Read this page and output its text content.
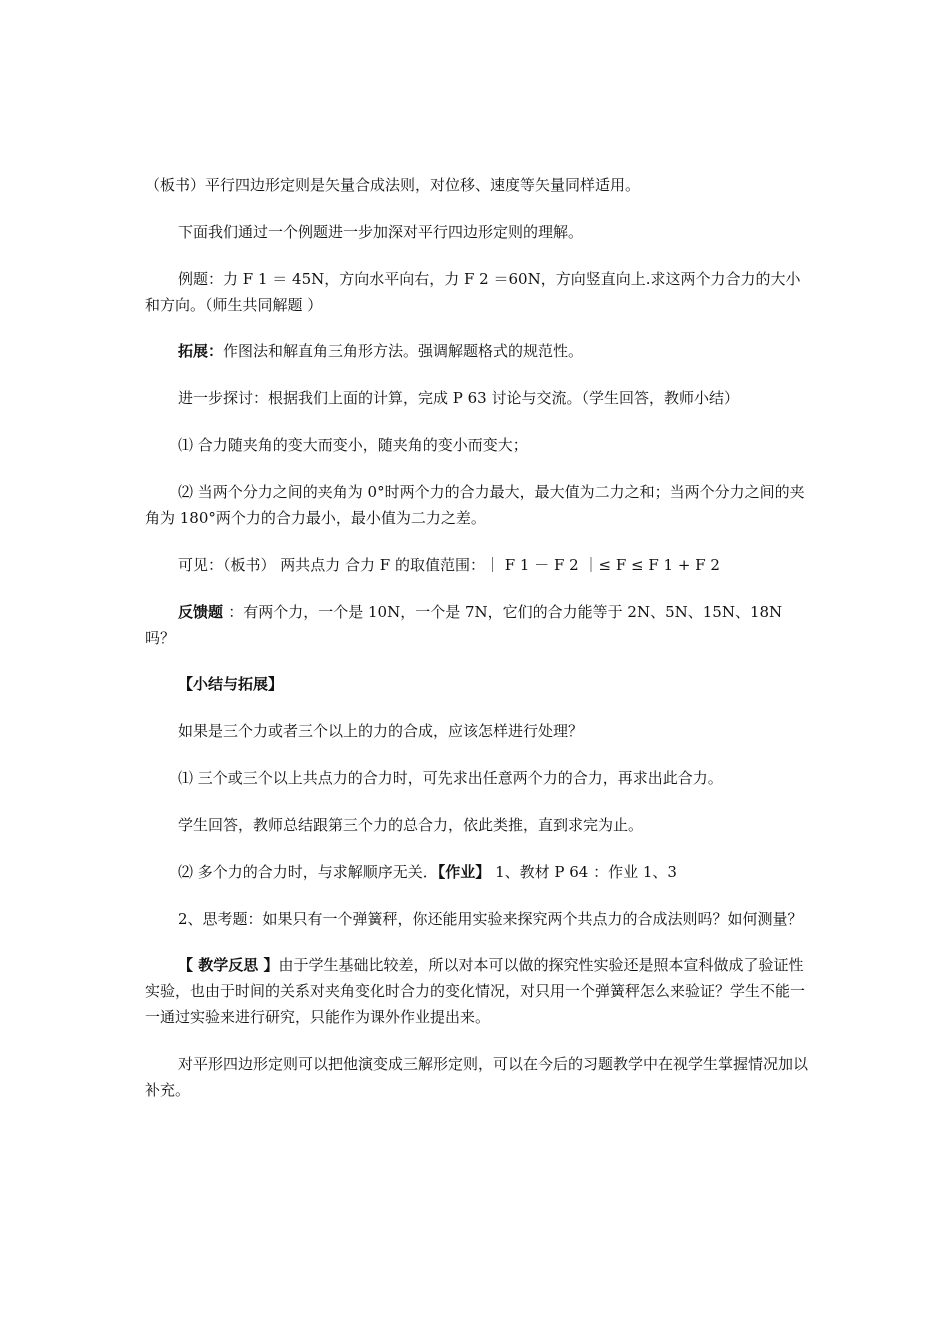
（板书）平行四边形定则是矢量合成法则，对位移、速度等矢量同样适用。

下面我们通过一个例题进一步加深对平行四边形定则的理解。

例题：力 F 1 ＝ 45N，方向水平向右，力 F 2 ＝60N，方向竖直向上.求这两个力合力的大小和方向。（师生共同解题 ）

拓展：作图法和解直角三角形方法。强调解题格式的规范性。

进一步探讨：根据我们上面的计算，完成 P 63 讨论与交流。（学生回答，教师小结）

⑴ 合力随夹角的变大而变小，随夹角的变小而变大；

⑵ 当两个分力之间的夹角为 0°时两个力的合力最大，最大值为二力之和；当两个分力之间的夹角为 180°两个力的合力最小，最小值为二力之差。

可见：（板书） 两共点力 合力 F 的取值范围：｜ F 1 － F 2 ｜≤ F ≤ F 1 + F 2

反馈题 ：有两个力，一个是 10N，一个是 7N，它们的合力能等于 2N、5N、15N、18N 吗？

【小结与拓展】

如果是三个力或者三个以上的力的合成，应该怎样进行处理？

⑴ 三个或三个以上共点力的合力时，可先求出任意两个力的合力，再求出此合力。

学生回答，教师总结跟第三个力的总合力，依此类推，直到求完为止。

⑵ 多个力的合力时，与求解顺序无关．【作业】 1、教材 P 64 ：作业 1、3

2、思考题：如果只有一个弹簧秤，你还能用实验来探究两个共点力的合成法则吗？如何测量？

【 教学反思 】由于学生基础比较差，所以对本可以做的探究性实验还是照本宣科做成了验证性实验，也由于时间的关系对夹角变化时合力的变化情况，对只用一个弹簧秤怎么来验证？学生不能一一通过实验来进行研究，只能作为课外作业提出来。

对平形四边形定则可以把他演变成三解形定则，可以在今后的习题教学中在视学生掌握情况加以补充。
